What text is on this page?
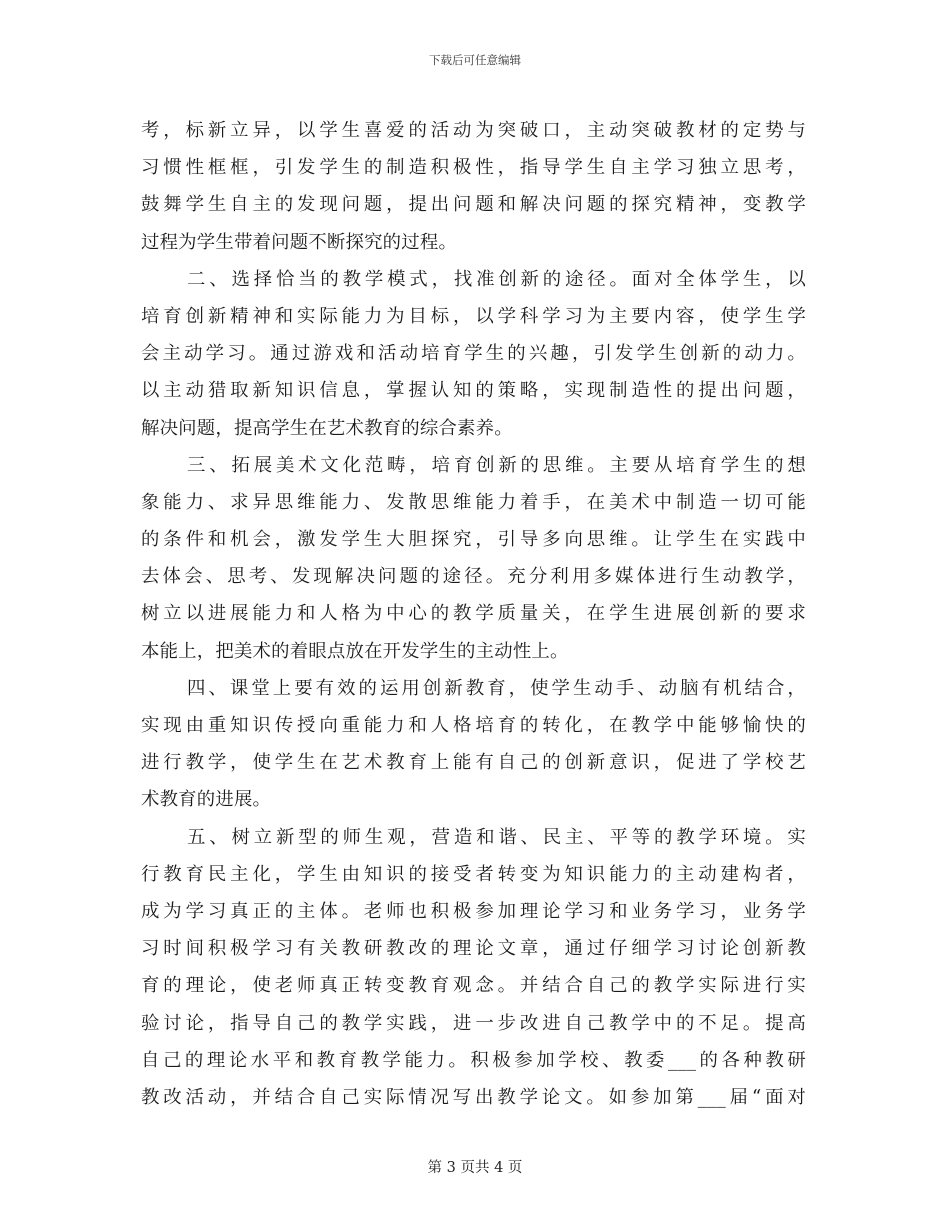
下载后可任意编辑
考，标新立异，以学生喜爱的活动为突破口，主动突破教材的定势与
习惯性框框，引发学生的制造积极性，指导学生自主学习独立思考，
鼓舞学生自主的发现问题，提出问题和解决问题的探究精神，变教学
过程为学生带着问题不断探究的过程。
二、选择恰当的教学模式，找准创新的途径。面对全体学生，以
培育创新精神和实际能力为目标，以学科学习为主要内容，使学生学
会主动学习。通过游戏和活动培育学生的兴趣，引发学生创新的动力。
以主动猎取新知识信息，掌握认知的策略，实现制造性的提出问题，
解决问题，提高学生在艺术教育的综合素养。
三、拓展美术文化范畴，培育创新的思维。主要从培育学生的想
象能力、求异思维能力、发散思维能力着手，在美术中制造一切可能
的条件和机会，激发学生大胆探究，引导多向思维。让学生在实践中
去体会、思考、发现解决问题的途径。充分利用多媒体进行生动教学，
树立以进展能力和人格为中心的教学质量关，在学生进展创新的要求
本能上，把美术的着眼点放在开发学生的主动性上。
四、课堂上要有效的运用创新教育，使学生动手、动脑有机结合，
实现由重知识传授向重能力和人格培育的转化，在教学中能够愉快的
进行教学，使学生在艺术教育上能有自己的创新意识，促进了学校艺
术教育的进展。
五、树立新型的师生观，营造和谐、民主、平等的教学环境。实
行教育民主化，学生由知识的接受者转变为知识能力的主动建构者，
成为学习真正的主体。老师也积极参加理论学习和业务学习，业务学
习时间积极学习有关教研教改的理论文章，通过仔细学习讨论创新教
育的理论，使老师真正转变教育观念。并结合自己的教学实际进行实
验讨论，指导自己的教学实践，进一步改进自己教学中的不足。提高
自己的理论水平和教育教学能力。积极参加学校、教委___的各种教研
教改活动，并结合自己实际情况写出教学论文。如参加第___届“面对
第 3 页共 4 页
